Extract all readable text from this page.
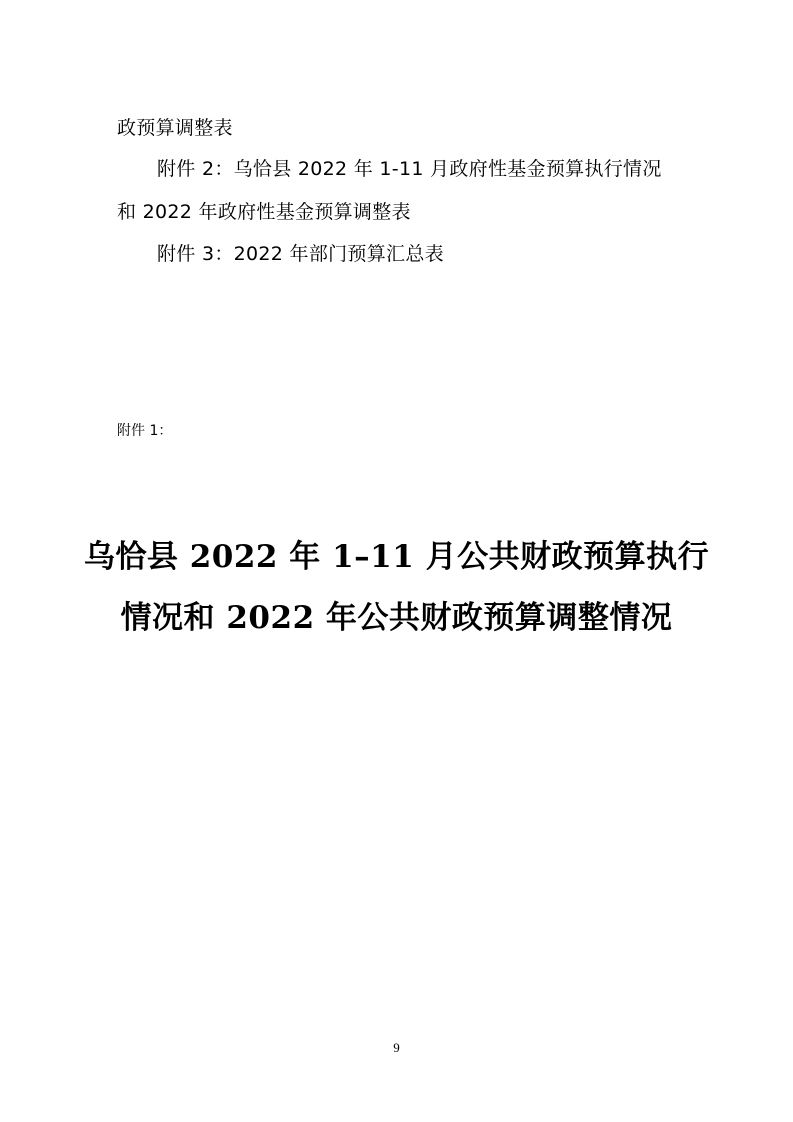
政预算调整表
附件 2：乌恰县 2022 年 1-11 月政府性基金预算执行情况
和 2022 年政府性基金预算调整表
附件 3：2022 年部门预算汇总表
附件 1：
乌恰县 2022 年 1–11 月公共财政预算执行
情况和 2022 年公共财政预算调整情况
9
